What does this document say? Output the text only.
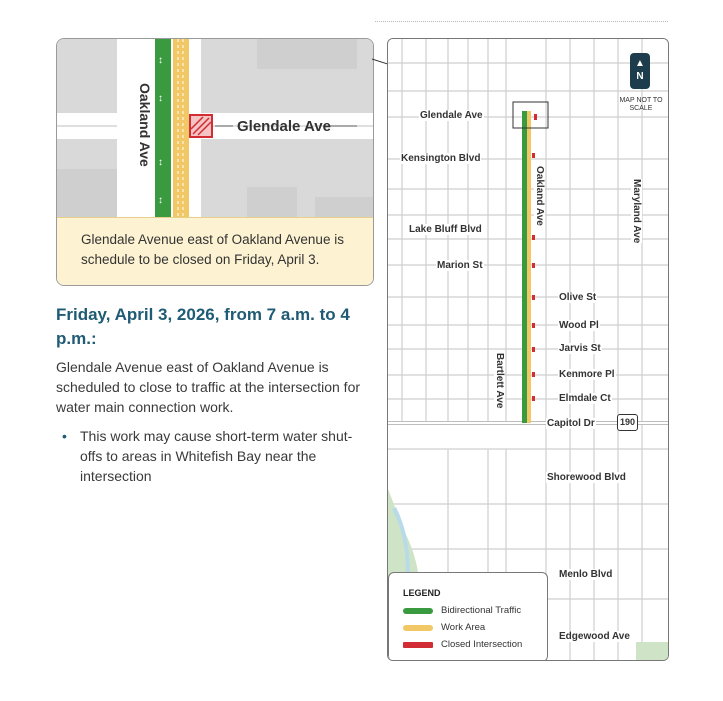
↕
↕
↕
↕
Oakland Ave	Glendale Ave
Glendale Avenue east of Oakland Avenue is schedule to be closed on Friday, April 3.
Friday, April 3, 2026, from 7 a.m. to 4 p.m.:
Glendale Avenue east of Oakland Avenue is scheduled to close to traffic at the intersection for water main connection work.
• This work may cause short-term water shut-offs to areas in Whitefish Bay near the intersection
▲
N
MAP NOT TO SCALE
Glendale Ave
Kensington Blvd
Oakland Ave	Maryland Ave
Lake Bluff Blvd
Marion St
Olive St
Wood Pl
Jarvis St
Bartlett Ave	Kenmore Pl
Elmdale Ct
Capitol Dr	190
Shorewood Blvd
Menlo Blvd
Edgewood Ave
LEGEND
Bidirectional Traffic
Work Area
Closed Intersection
